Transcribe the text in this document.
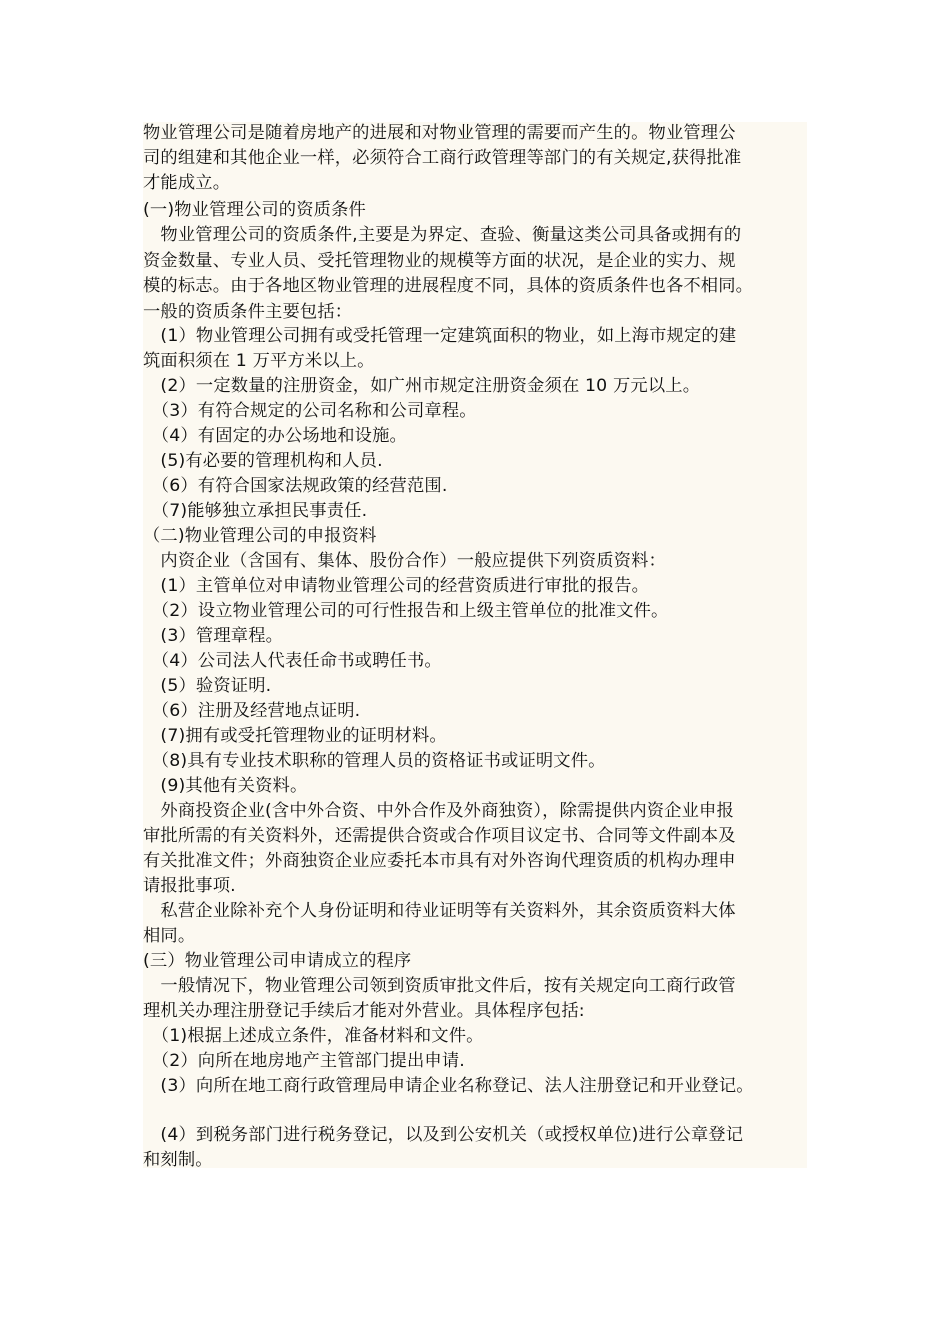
物业管理公司是随着房地产的进展和对物业管理的需要而产生的。物业管理公
司的组建和其他企业一样，必须符合工商行政管理等部门的有关规定,获得批准
才能成立。
(一)物业管理公司的资质条件
　物业管理公司的资质条件,主要是为界定、查验、衡量这类公司具备或拥有的
资金数量、专业人员、受托管理物业的规模等方面的状况，是企业的实力、规
模的标志。由于各地区物业管理的进展程度不同，具体的资质条件也各不相同。
一般的资质条件主要包括：
　(1）物业管理公司拥有或受托管理一定建筑面积的物业，如上海市规定的建
筑面积须在 1 万平方米以上。
　(2）一定数量的注册资金，如广州市规定注册资金须在 10 万元以上。
　（3）有符合规定的公司名称和公司章程。
　（4）有固定的办公场地和设施。
　(5)有必要的管理机构和人员.
　（6）有符合国家法规政策的经营范围.
　（7)能够独立承担民事责任.
（二)物业管理公司的申报资料
　内资企业（含国有、集体、股份合作）一般应提供下列资质资料：
　(1）主管单位对申请物业管理公司的经营资质进行审批的报告。
　（2）设立物业管理公司的可行性报告和上级主管单位的批准文件。
　(3）管理章程。
　（4）公司法人代表任命书或聘任书。
　(5）验资证明.
　（6）注册及经营地点证明.
　(7)拥有或受托管理物业的证明材料。
　（8)具有专业技术职称的管理人员的资格证书或证明文件。
　(9)其他有关资料。
　外商投资企业(含中外合资、中外合作及外商独资），除需提供内资企业申报
审批所需的有关资料外，还需提供合资或合作项目议定书、合同等文件副本及
有关批准文件；外商独资企业应委托本市具有对外咨询代理资质的机构办理申
请报批事项.
　私营企业除补充个人身份证明和待业证明等有关资料外，其余资质资料大体
相同。
(三）物业管理公司申请成立的程序
　一般情况下，物业管理公司领到资质审批文件后，按有关规定向工商行政管
理机关办理注册登记手续后才能对外营业。具体程序包括:
　（1)根据上述成立条件，准备材料和文件。
　（2）向所在地房地产主管部门提出申请.
　(3）向所在地工商行政管理局申请企业名称登记、法人注册登记和开业登记。
　(4）到税务部门进行税务登记，以及到公安机关（或授权单位)进行公章登记
和刻制。
